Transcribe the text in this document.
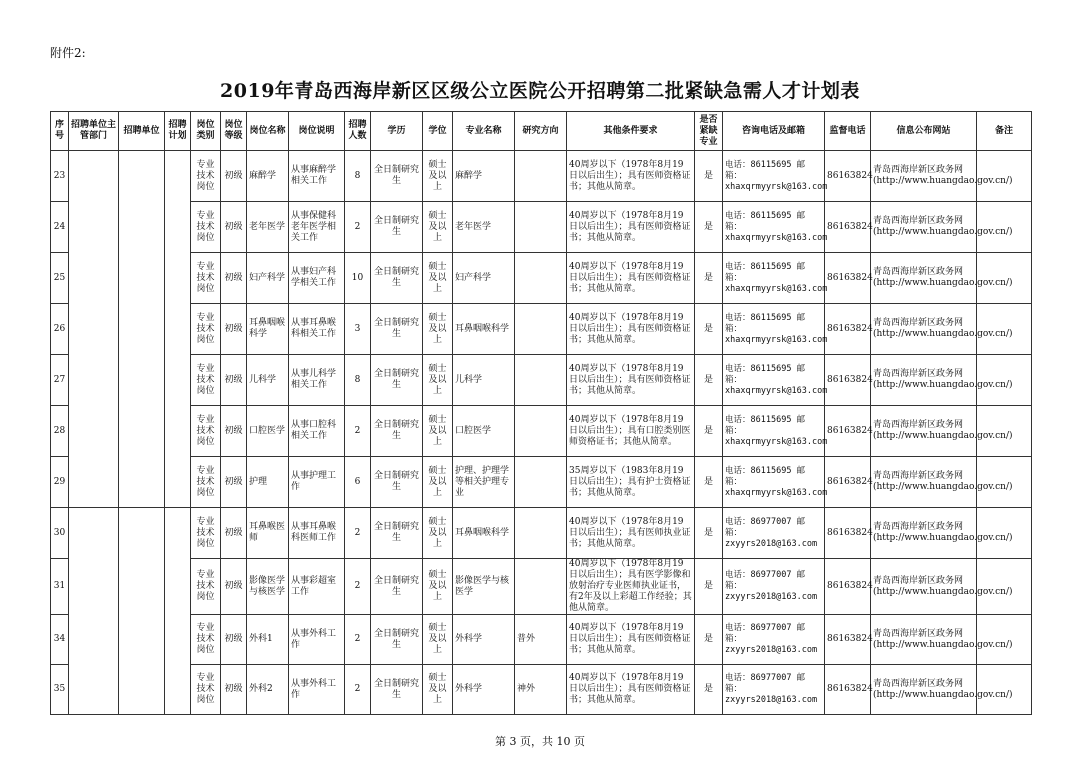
附件2:
2019年青岛西海岸新区区级公立医院公开招聘第二批紧缺急需人才计划表
序号	招聘单位主管部门	招聘单位	招聘计划	岗位类别	岗位等级	岗位名称	岗位说明	招聘人数	学历	学位	专业名称	研究方向	其他条件要求	是否紧缺专业	咨询电话及邮箱	监督电话	信息公布网站	备注
23				专业技术岗位	初级	麻醉学	从事麻醉学相关工作	8	全日制研究生	硕士及以上	麻醉学		40周岁以下（1978年8月19日以后出生）；具有医师资格证书；其他从简章。	是	电话：86115695 邮箱：xhaxqrmyyrsk@163.com	86163824	青岛西海岸新区政务网(http://www.huangdao.gov.cn/)	
24				专业技术岗位	初级	老年医学	从事保健科老年医学相关工作	2	全日制研究生	硕士及以上	老年医学		40周岁以下（1978年8月19日以后出生）；具有医师资格证书；其他从简章。	是	电话：86115695 邮箱：xhaxqrmyyrsk@163.com	86163824	青岛西海岸新区政务网(http://www.huangdao.gov.cn/)	
25				专业技术岗位	初级	妇产科学	从事妇产科学相关工作	10	全日制研究生	硕士及以上	妇产科学		40周岁以下（1978年8月19日以后出生）；具有医师资格证书；其他从简章。	是	电话：86115695 邮箱：xhaxqrmyyrsk@163.com	86163824	青岛西海岸新区政务网(http://www.huangdao.gov.cn/)	
26				专业技术岗位	初级	耳鼻咽喉科学	从事耳鼻喉科相关工作	3	全日制研究生	硕士及以上	耳鼻咽喉科学		40周岁以下（1978年8月19日以后出生）；具有医师资格证书；其他从简章。	是	电话：86115695 邮箱：xhaxqrmyyrsk@163.com	86163824	青岛西海岸新区政务网(http://www.huangdao.gov.cn/)	
27				专业技术岗位	初级	儿科学	从事儿科学相关工作	8	全日制研究生	硕士及以上	儿科学		40周岁以下（1978年8月19日以后出生）；具有医师资格证书；其他从简章。	是	电话：86115695 邮箱：xhaxqrmyyrsk@163.com	86163824	青岛西海岸新区政务网(http://www.huangdao.gov.cn/)	
28				专业技术岗位	初级	口腔医学	从事口腔科相关工作	2	全日制研究生	硕士及以上	口腔医学		40周岁以下（1978年8月19日以后出生）；具有口腔类别医师资格证书；其他从简章。	是	电话：86115695 邮箱：xhaxqrmyyrsk@163.com	86163824	青岛西海岸新区政务网(http://www.huangdao.gov.cn/)	
29				专业技术岗位	初级	护理	从事护理工作	6	全日制研究生	硕士及以上	护理、护理学等相关护理专业		35周岁以下（1983年8月19日以后出生）；具有护士资格证书；其他从简章。	是	电话：86115695 邮箱：xhaxqrmyyrsk@163.com	86163824	青岛西海岸新区政务网(http://www.huangdao.gov.cn/)	
30				专业技术岗位	初级	耳鼻喉医师	从事耳鼻喉科医师工作	2	全日制研究生	硕士及以上	耳鼻咽喉科学		40周岁以下（1978年8月19日以后出生）；具有医师执业证书；其他从简章。	是	电话：86977007 邮箱：zxyyrs2018@163.com	86163824	青岛西海岸新区政务网(http://www.huangdao.gov.cn/)	
31				专业技术岗位	初级	影像医学与核医学	从事彩超室工作	2	全日制研究生	硕士及以上	影像医学与核医学		40周岁以下（1978年8月19日以后出生）；具有医学影像和放射治疗专业医师执业证书，有2年及以上彩超工作经验；其他从简章。	是	电话：86977007 邮箱：zxyyrs2018@163.com	86163824	青岛西海岸新区政务网(http://www.huangdao.gov.cn/)	
34				专业技术岗位	初级	外科1	从事外科工作	2	全日制研究生	硕士及以上	外科学	普外	40周岁以下（1978年8月19日以后出生）；具有医师资格证书；其他从简章。	是	电话：86977007 邮箱：zxyyrs2018@163.com	86163824	青岛西海岸新区政务网(http://www.huangdao.gov.cn/)	
35				专业技术岗位	初级	外科2	从事外科工作	2	全日制研究生	硕士及以上	外科学	神外	40周岁以下（1978年8月19日以后出生）；具有医师资格证书；其他从简章。	是	电话：86977007 邮箱：zxyyrs2018@163.com	86163824	青岛西海岸新区政务网(http://www.huangdao.gov.cn/)	
第 3 页，共 10 页
